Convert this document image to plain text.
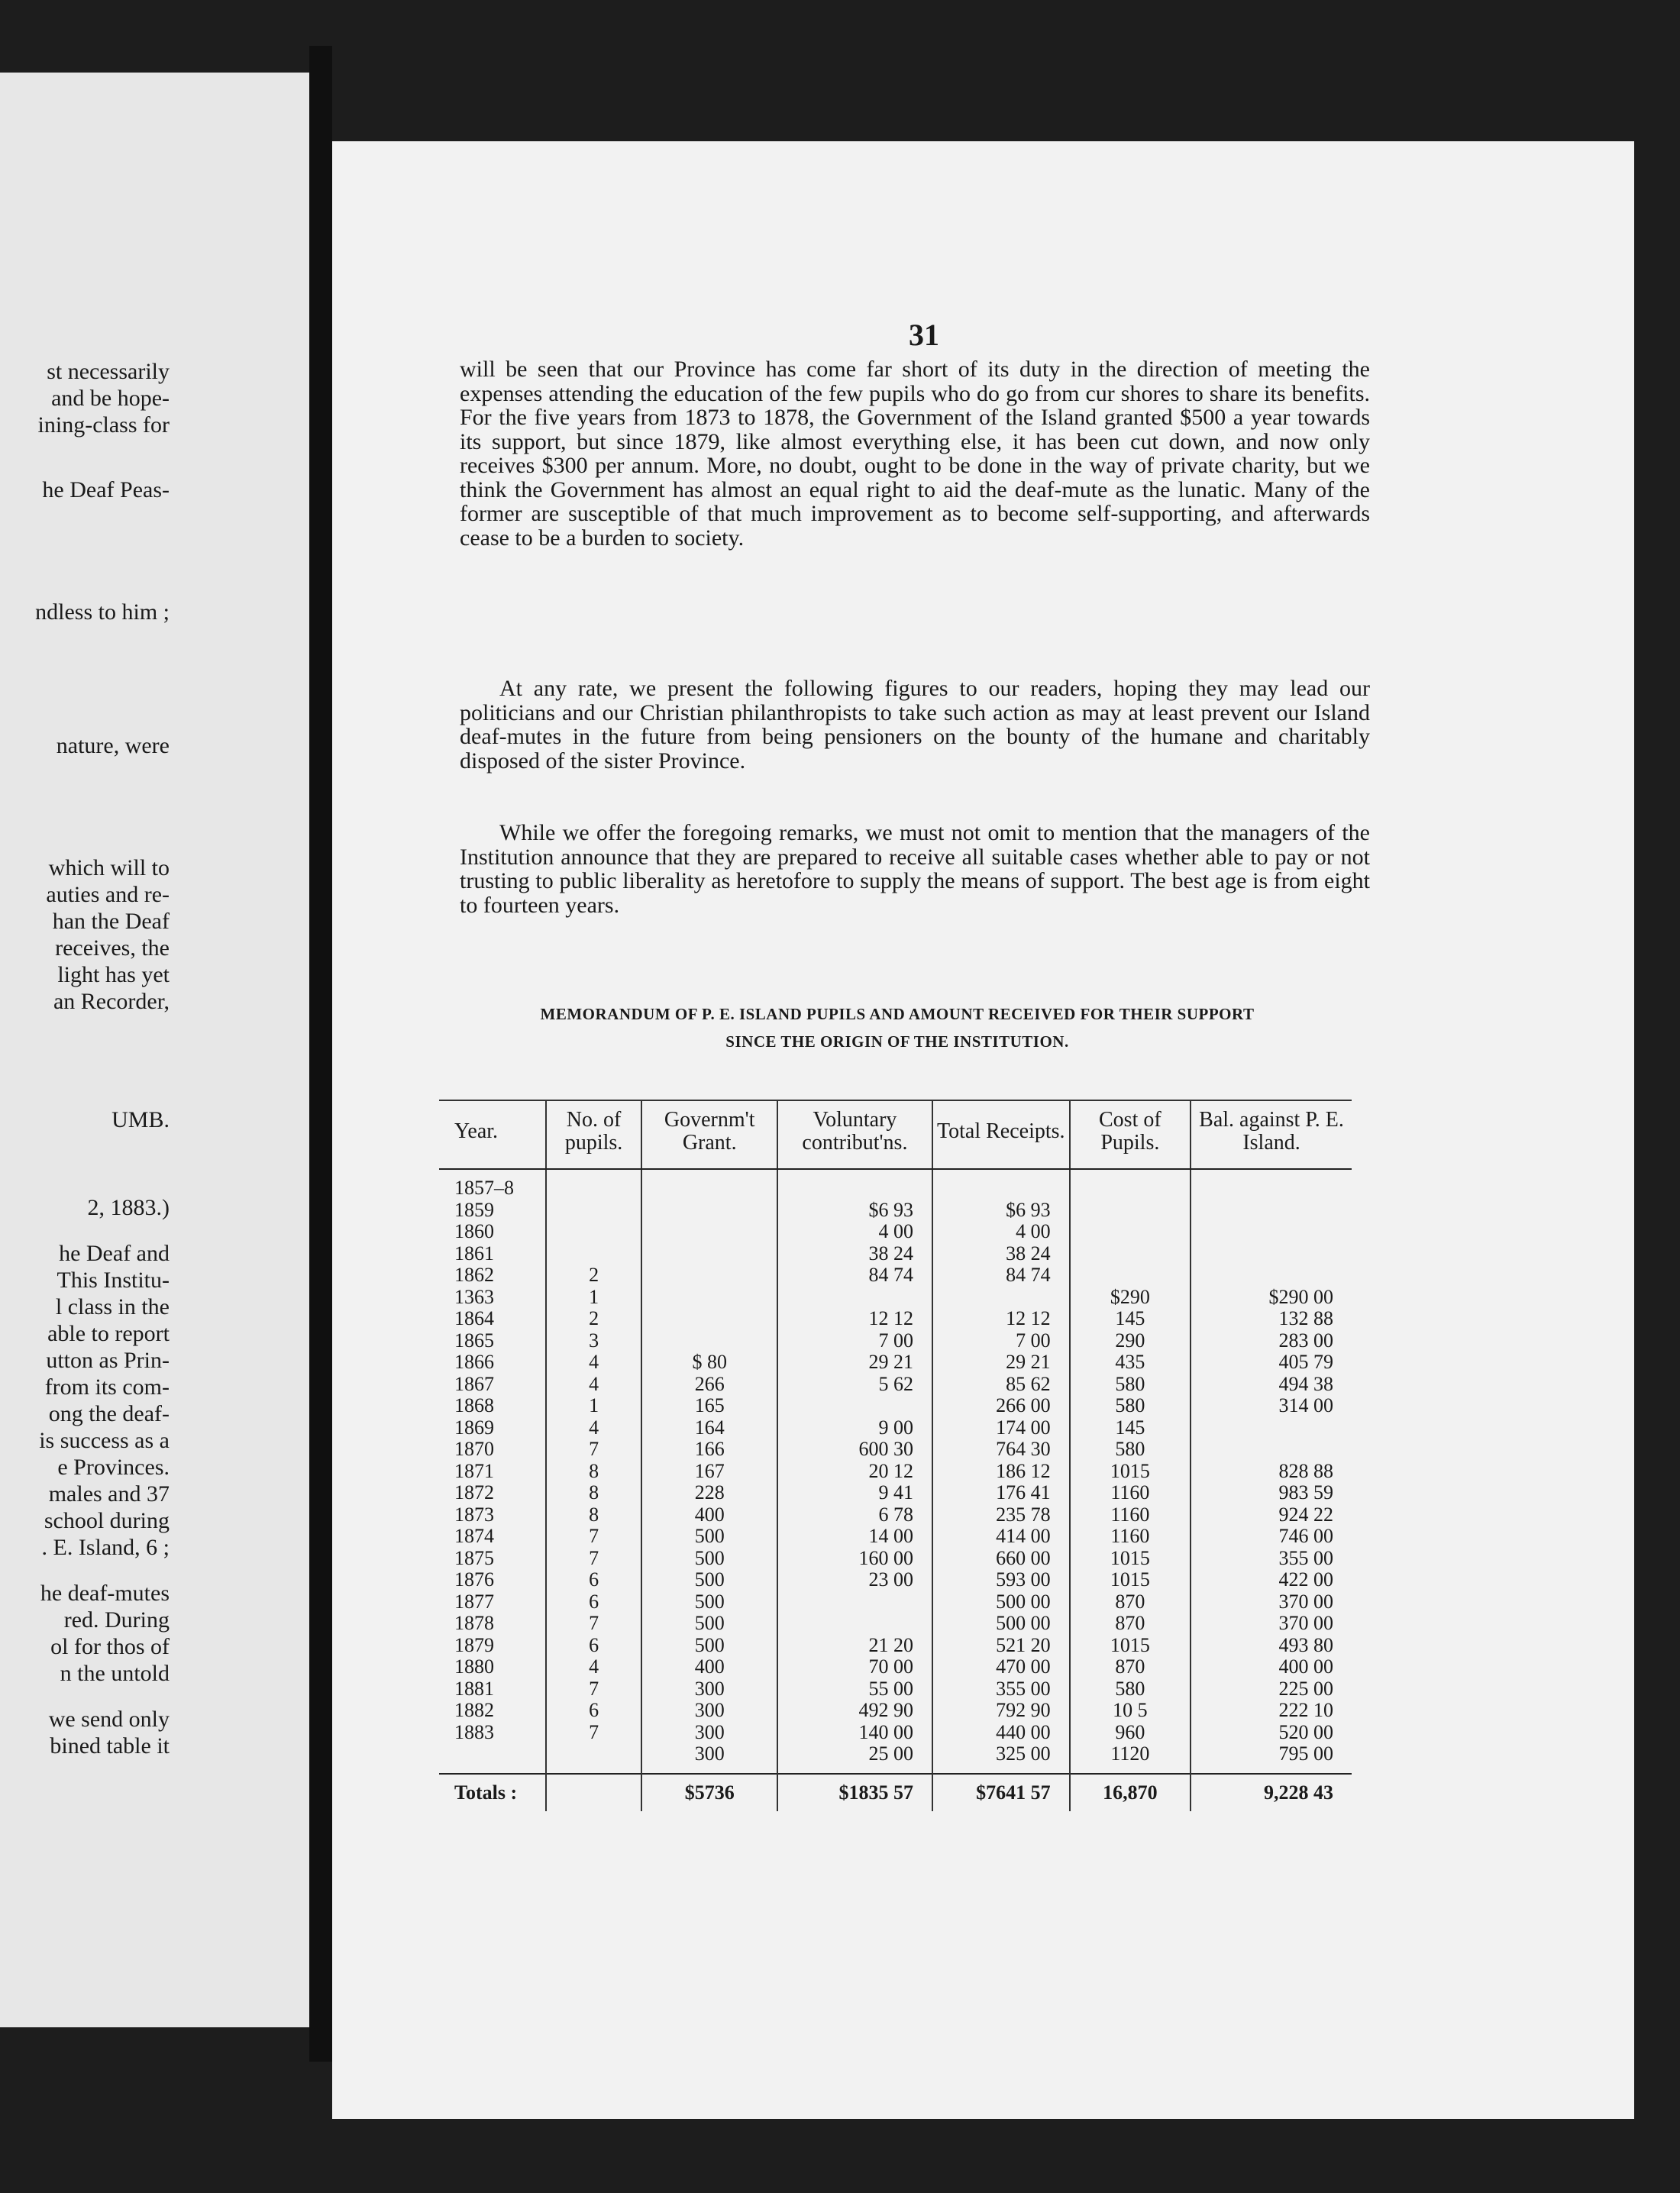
st necessarily
and be hope-
ining-class for
he Deaf Peas-
ndless to him ;
nature, were
which will to
auties and re-
han the Deaf
receives, the
light has yet
an Recorder,
UMB.
2, 1883.)
he Deaf and
This Institu-
l class in the
able to report
utton as Prin-
from its com-
ong the deaf-
is success as a
e Provinces.
males and 37
school during
. E. Island, 6 ;
he deaf-mutes
red. During
ol for thos of
n the untold
we send only
bined table it
31

will be seen that our Province has come far short of its duty in the direction of meeting the expenses attending the education of the few pupils who do go from cur shores to share its benefits. For the five years from 1873 to 1878, the Government of the Island granted $500 a year towards its support, but since 1879, like almost everything else, it has been cut down, and now only receives $300 per annum. More, no doubt, ought to be done in the way of private charity, but we think the Government has almost an equal right to aid the deaf-mute as the lunatic. Many of the former are susceptible of that much improvement as to become self-supporting, and afterwards cease to be a burden to society.

At any rate, we present the following figures to our readers, hoping they may lead our politicians and our Christian philanthropists to take such action as may at least prevent our Island deaf-mutes in the future from being pensioners on the bounty of the humane and charitably disposed of the sister Province.

While we offer the foregoing remarks, we must not omit to mention that the managers of the Institution announce that they are prepared to receive all suitable cases whether able to pay or not trusting to public liberality as heretofore to supply the means of support. The best age is from eight to fourteen years.

MEMORANDUM OF P. E. ISLAND PUPILS AND AMOUNT RECEIVED FOR THEIR SUPPORT
SINCE THE ORIGIN OF THE INSTITUTION.
Year.	No. of pupils.	Governm't Grant.	Voluntary contribut'ns.	Total Receipts.	Cost of Pupils.	Bal. against P. E. Island.
1857–8						
1859			$6 93	$6 93		
1860			4 00	4 00		
1861			38 24	38 24		
1862	2		84 74	84 74		
1363	1				$290	$290 00
1864	2		12 12	12 12	145	132 88
1865	3		7 00	7 00	290	283 00
1866	4	$ 80	29 21	29 21	435	405 79
1867	4	266	5 62	85 62	580	494 38
1868	1	165		266 00	580	314 00
1869	4	164	9 00	174 00	145	
1870	7	166	600 30	764 30	580	
1871	8	167	20 12	186 12	1015	828 88
1872	8	228	9 41	176 41	1160	983 59
1873	8	400	6 78	235 78	1160	924 22
1874	7	500	14 00	414 00	1160	746 00
1875	7	500	160 00	660 00	1015	355 00
1876	6	500	23 00	593 00	1015	422 00
1877	6	500		500 00	870	370 00
1878	7	500		500 00	870	370 00
1879	6	500	21 20	521 20	1015	493 80
1880	4	400	70 00	470 00	870	400 00
1881	7	300	55 00	355 00	580	225 00
1882	6	300	492 90	792 90	10 5	222 10
1883	7	300	140 00	440 00	960	520 00
		300	25 00	325 00	1120	795 00
Totals :		$5736	$1835 57	$7641 57	16,870	9,228 43
